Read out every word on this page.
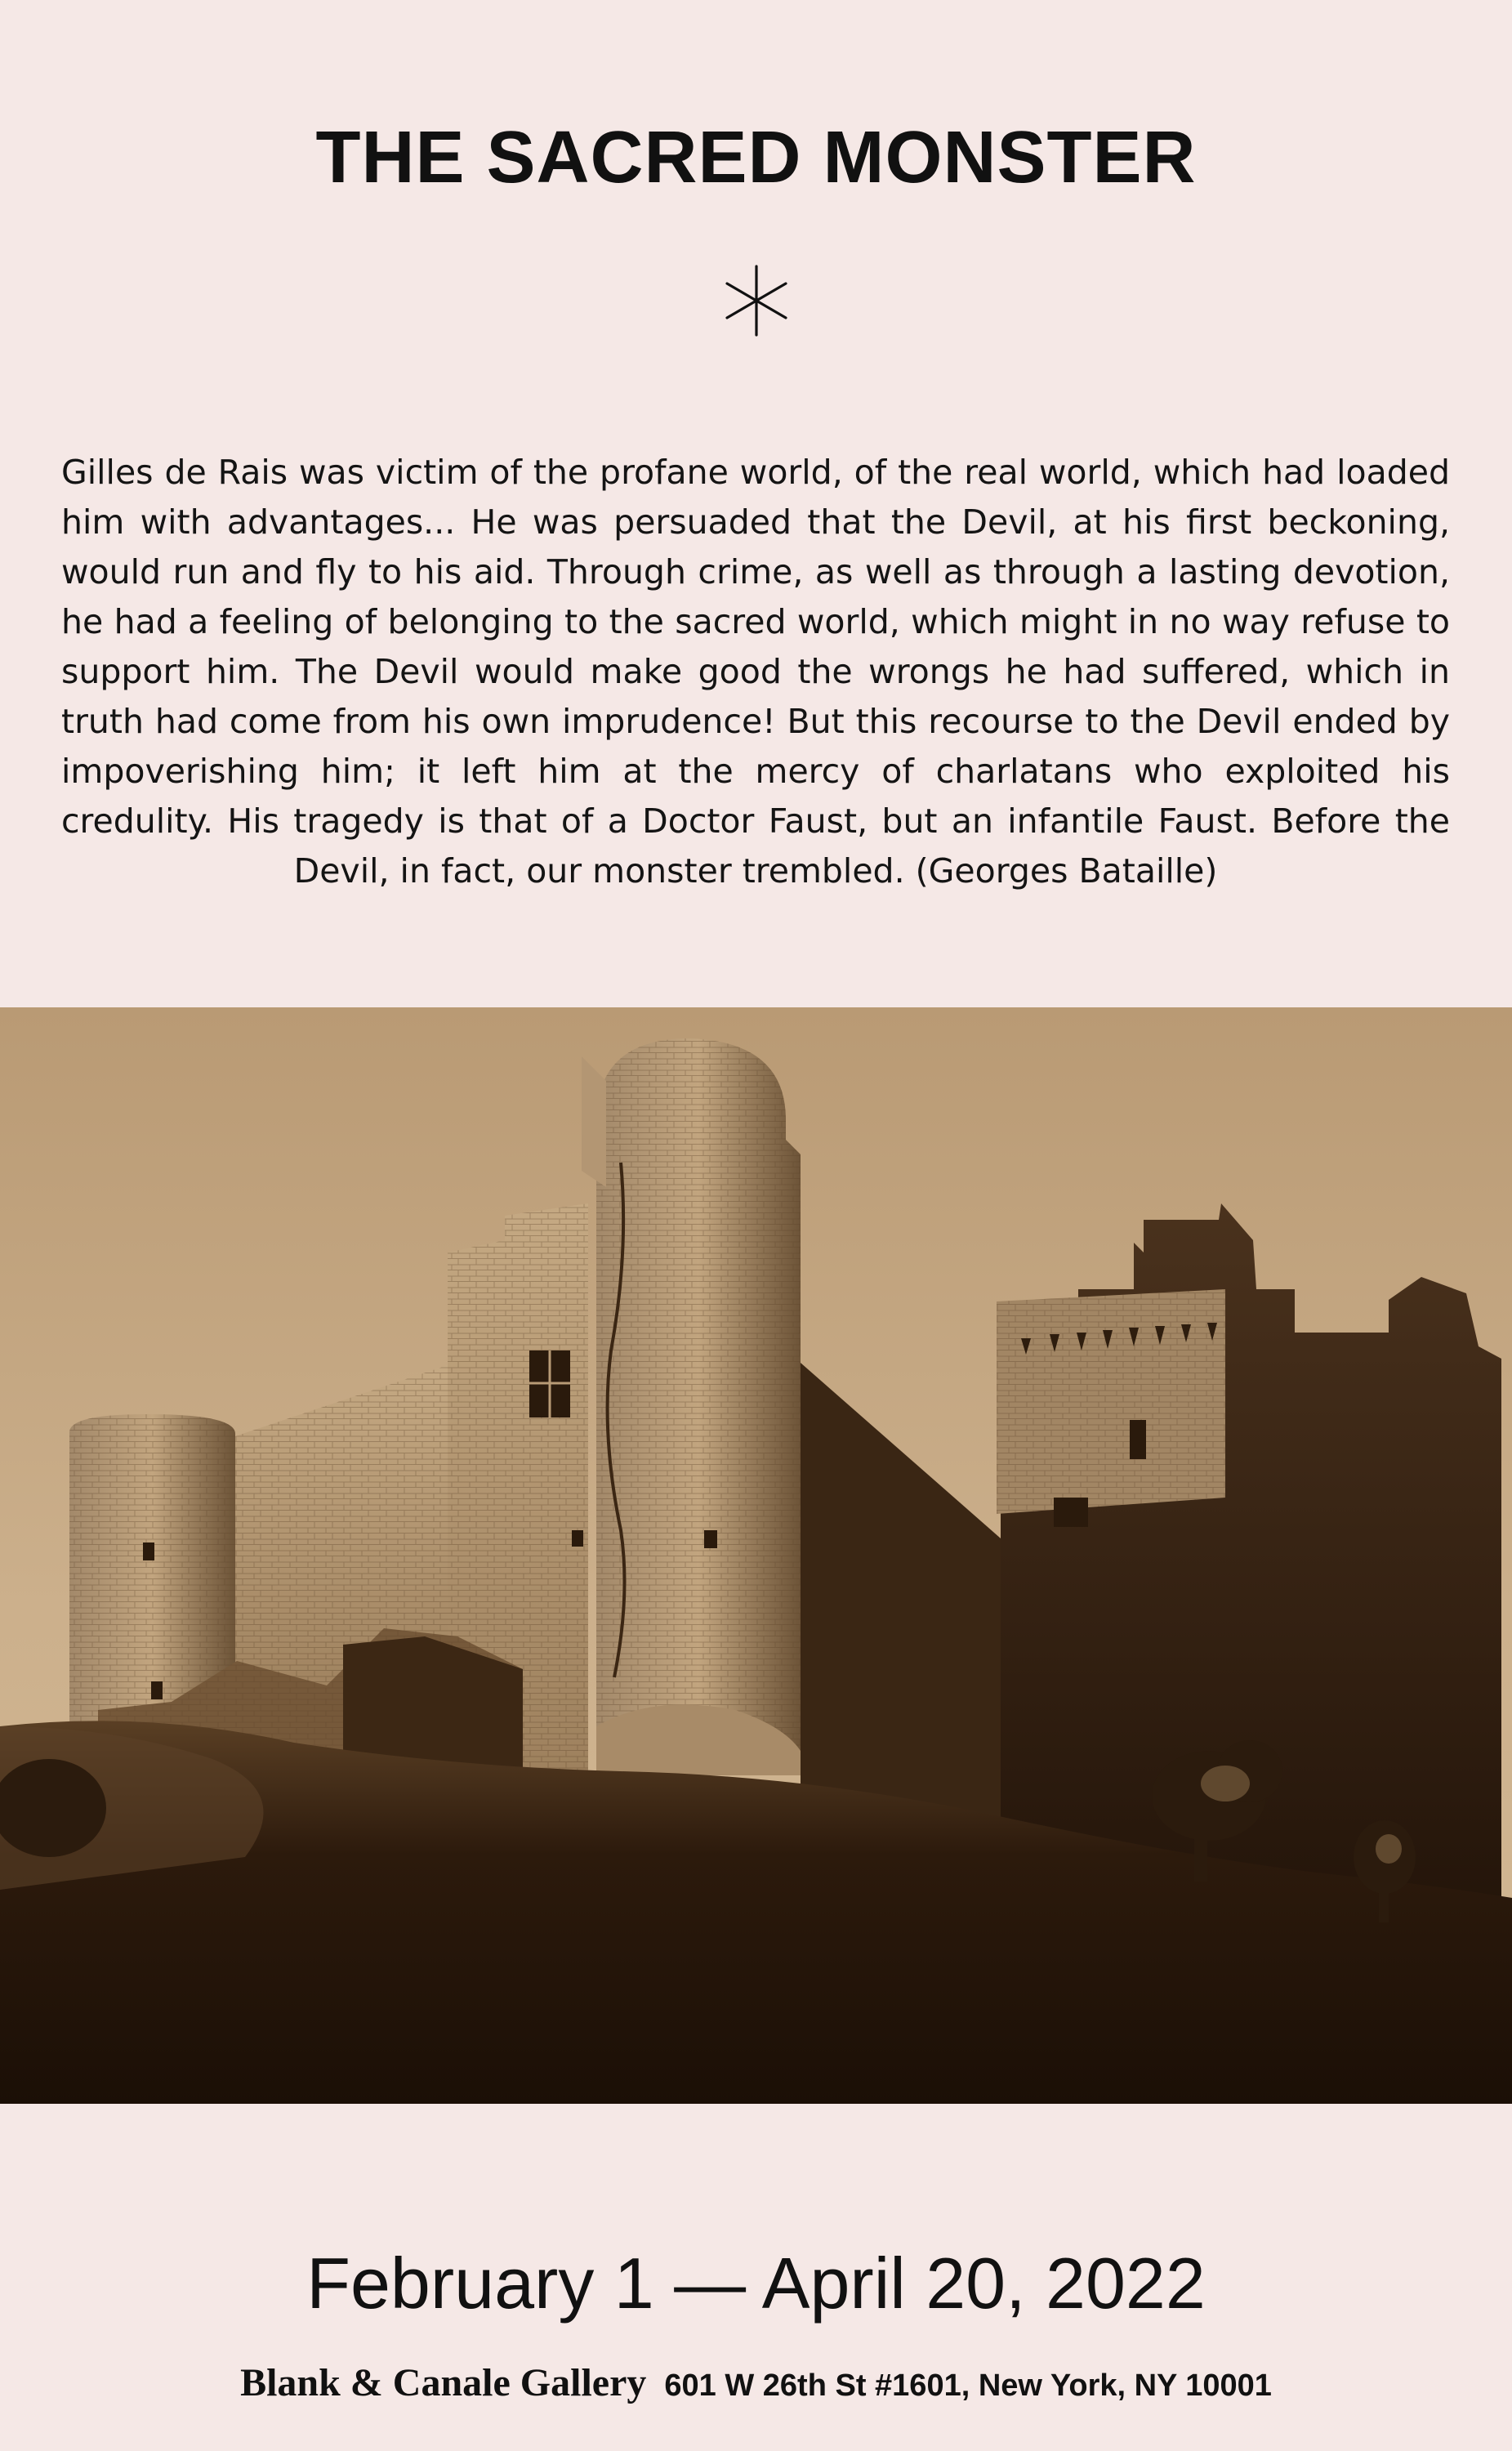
THE SACRED MONSTER

Gilles de Rais was victim of the profane world, of the real world, which had loaded him with advantages... He was persuaded that the Devil, at his first beckoning, would run and fly to his aid. Through crime, as well as through a lasting devotion, he had a feeling of belonging to the sacred world, which might in no way refuse to support him. The Devil would make good the wrongs he had suffered, which in truth had come from his own imprudence! But this recourse to the Devil ended by impoverishing him; it left him at the mercy of charlatans who exploited his credulity. His tragedy is that of a Doctor Faust, but an infantile Faust. Before the Devil, in fact, our monster trembled. (Georges Bataille)

February 1 — April 20, 2022
Blank & Canale Gallery 601 W 26th St #1601, New York, NY 10001
